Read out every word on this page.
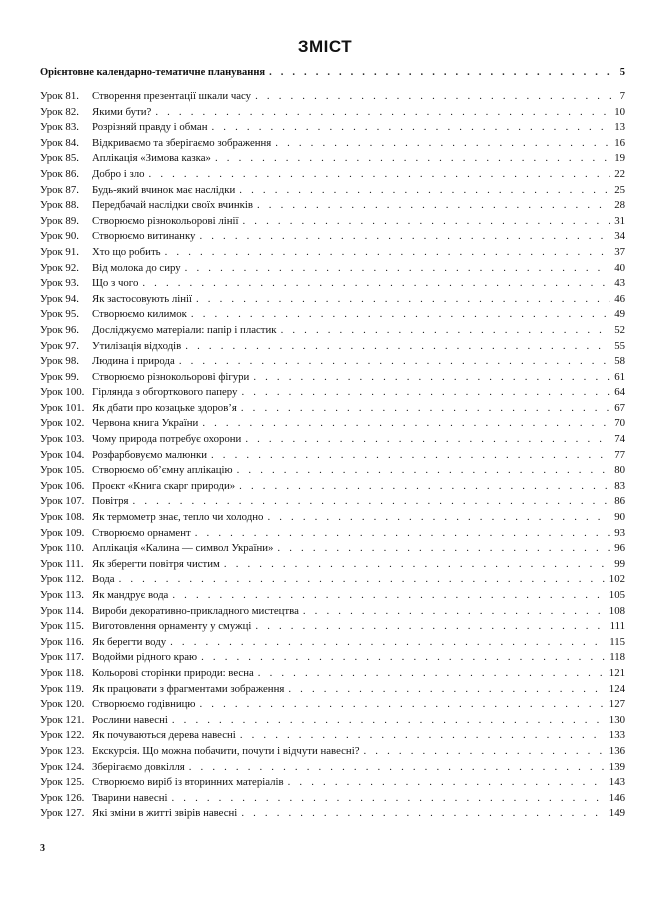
ЗМІСТ
Орієнтовне календарно-тематичне планування . . .	5
Урок 81.	Створення презентації шкали часу . . .	7
Урок 82.	Якими бути? . . .	10
Урок 83.	Розрізняй правду і обман . . .	13
Урок 84.	Відкриваємо та зберігаємо зображення . . .	16
Урок 85.	Аплікація «Зимова казка» . . .	19
Урок 86.	Добро і зло . . .	22
Урок 87.	Будь-який вчинок має наслідки . . .	25
Урок 88.	Передбачай наслідки своїх вчинків . . .	28
Урок 89.	Створюємо різнокольорові лінії . . .	31
Урок 90.	Створюємо витинанку . . .	34
Урок 91.	Хто що робить . . .	37
Урок 92.	Від молока до сиру . . .	40
Урок 93.	Що з чого . . .	43
Урок 94.	Як застосовують лінії . . .	46
Урок 95.	Створюємо килимок . . .	49
Урок 96.	Досліджуємо матеріали: папір і пластик . . .	52
Урок 97.	Утилізація відходів . . .	55
Урок 98.	Людина і природа . . .	58
Урок 99.	Створюємо різнокольорові фігури . . .	61
Урок 100. Гірлянда з обгорткового паперу . . .	64
Урок 101. Як дбати про козацьке здоров’я . . .	67
Урок 102. Червона книга України . . .	70
Урок 103. Чому природа потребує охорони . . .	74
Урок 104. Розфарбовуємо малюнки . . .	77
Урок 105. Створюємо об’ємну аплікацію . . .	80
Урок 106. Проєкт «Книга скарг природи» . . .	83
Урок 107. Повітря . . .	86
Урок 108. Як термометр знає, тепло чи холодно . . .	90
Урок 109. Створюємо орнамент . . .	93
Урок 110. Аплікація «Калина — символ України» . . .	96
Урок 111. Як зберегти повітря чистим . . .	99
Урок 112. Вода . . .	102
Урок 113. Як мандрує вода . . .	105
Урок 114. Вироби декоративно-прикладного мистецтва . . .	108
Урок 115. Виготовлення орнаменту у смужці . . .	111
Урок 116. Як берегти воду . . .	115
Урок 117. Водойми рідного краю . . .	118
Урок 118. Кольорові сторінки природи: весна . . .	121
Урок 119. Як працювати з фрагментами зображення . . .	124
Урок 120. Створюємо годівницю . . .	127
Урок 121. Рослини навесні . . .	130
Урок 122. Як почуваються дерева навесні . . .	133
Урок 123. Екскурсія. Що можна побачити, почути і відчути навесні? . . .	136
Урок 124. Зберігаємо довкілля . . .	139
Урок 125. Створюємо виріб із вторинних матеріалів . . .	143
Урок 126. Тварини навесні . . .	146
Урок 127. Які зміни в житті звірів навесні . . .	149
3
